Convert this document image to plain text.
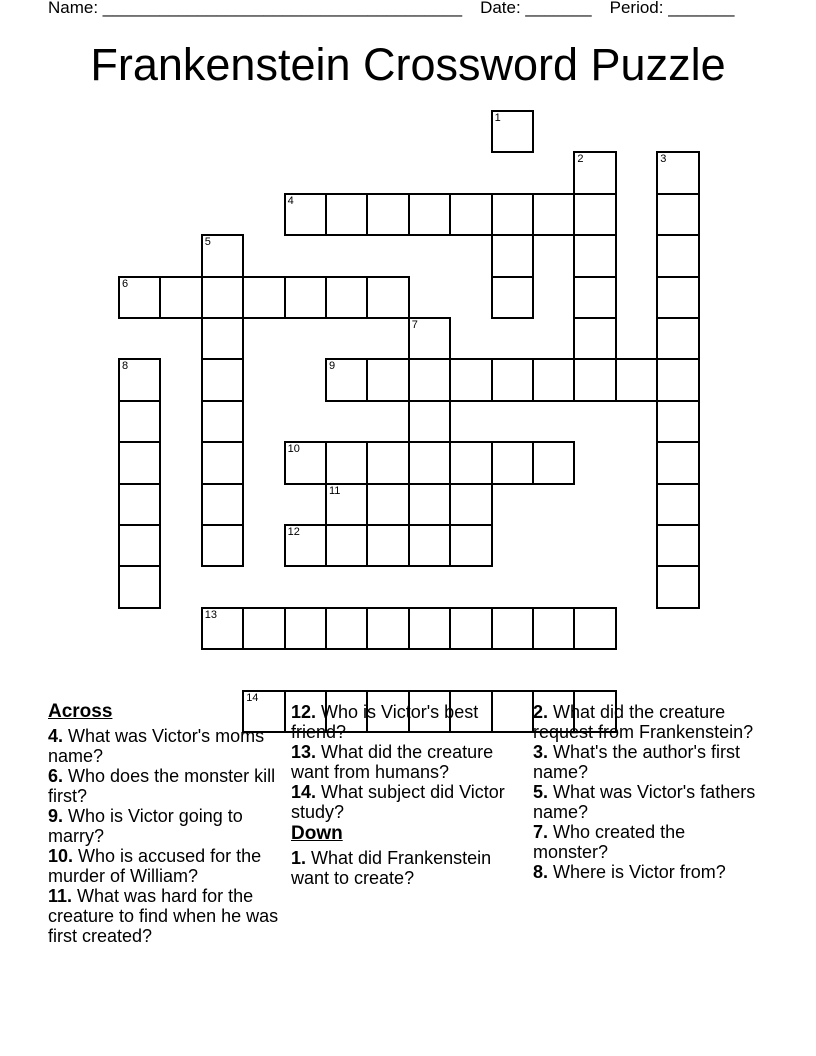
Name: ______________________________________ Date: _______ Period: _______
Frankenstein Crossword Puzzle
1
2	3
4
5
6
7
8	9
10
11
12
13
14
Across
4. What was Victor's moms name?
6. Who does the monster kill first?
9. Who is Victor going to marry?
10. Who is accused for the murder of William?
11. What was hard for the creature to find when he was first created?
12. Who is Victor's best friend?
13. What did the creature want from humans?
14. What subject did Victor study?
Down
1. What did Frankenstein want to create?
2. What did the creature request from Frankenstein?
3. What's the author's first name?
5. What was Victor's fathers name?
7. Who created the monster?
8. Where is Victor from?
